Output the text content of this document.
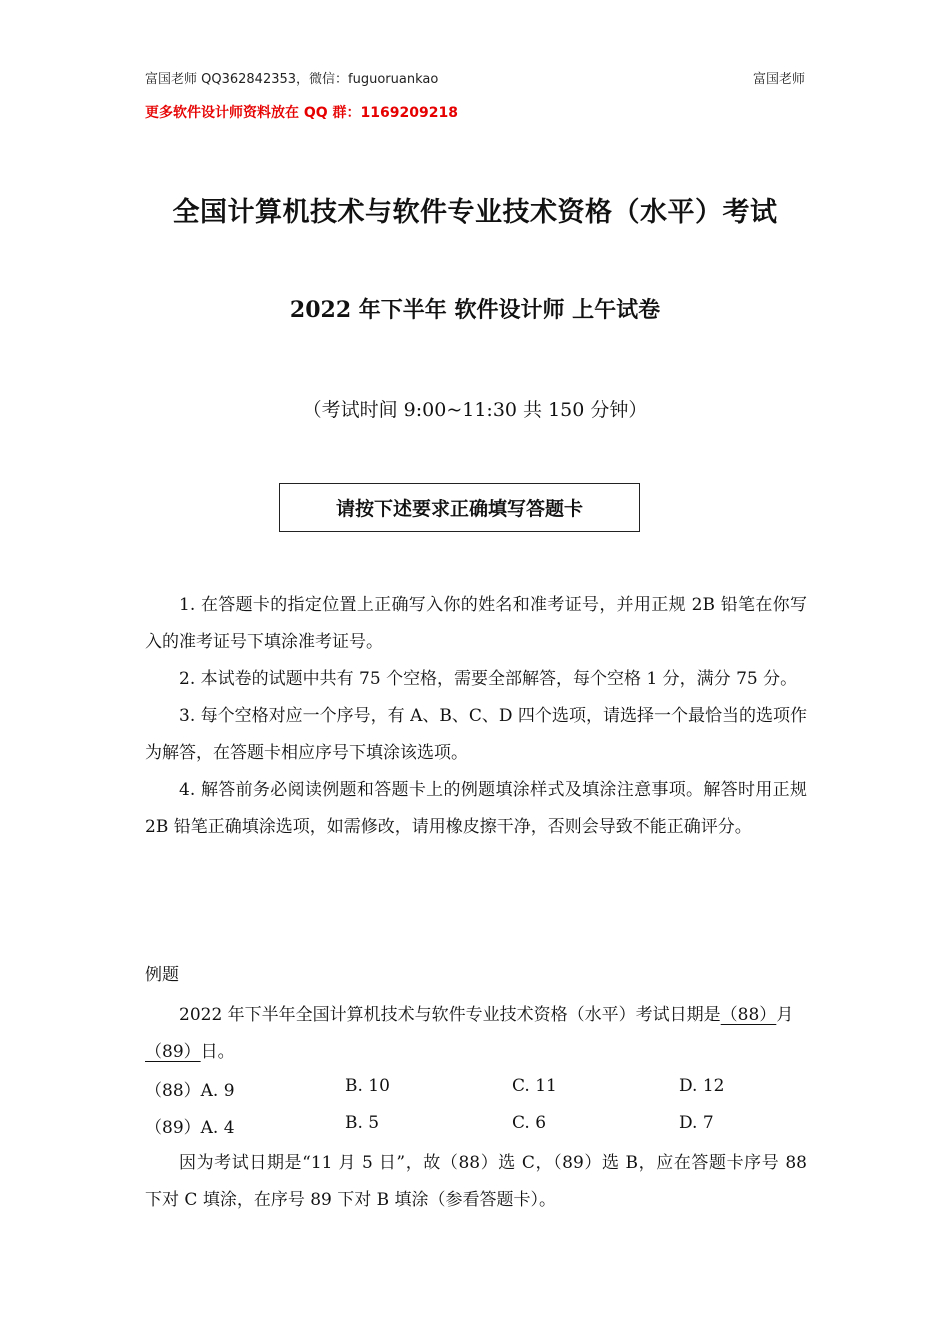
富国老师 QQ362842353，微信：fuguoruankao	富国老师
更多软件设计师资料放在 QQ 群：1169209218
全国计算机技术与软件专业技术资格（水平）考试
2022 年下半年 软件设计师 上午试卷
（考试时间 9:00~11:30 共 150 分钟）
请按下述要求正确填写答题卡

1. 在答题卡的指定位置上正确写入你的姓名和准考证号，并用正规 2B 铅笔在你写入的准考证号下填涂准考证号。

2. 本试卷的试题中共有 75 个空格，需要全部解答，每个空格 1 分，满分 75 分。

3. 每个空格对应一个序号，有 A、B、C、D 四个选项，请选择一个最恰当的选项作为解答，在答题卡相应序号下填涂该选项。

4. 解答前务必阅读例题和答题卡上的例题填涂样式及填涂注意事项。解答时用正规 2B 铅笔正确填涂选项，如需修改，请用橡皮擦干净，否则会导致不能正确评分。

例题

2022 年下半年全国计算机技术与软件专业技术资格（水平）考试日期是（88）月（89）日。

（88）A. 9	B. 10	C. 11	D. 12
（89）A. 4	B. 5	C. 6	D. 7

因为考试日期是“11 月 5 日”，故（88）选 C，（89）选 B，应在答题卡序号 88 下对 C 填涂，在序号 89 下对 B 填涂（参看答题卡）。
